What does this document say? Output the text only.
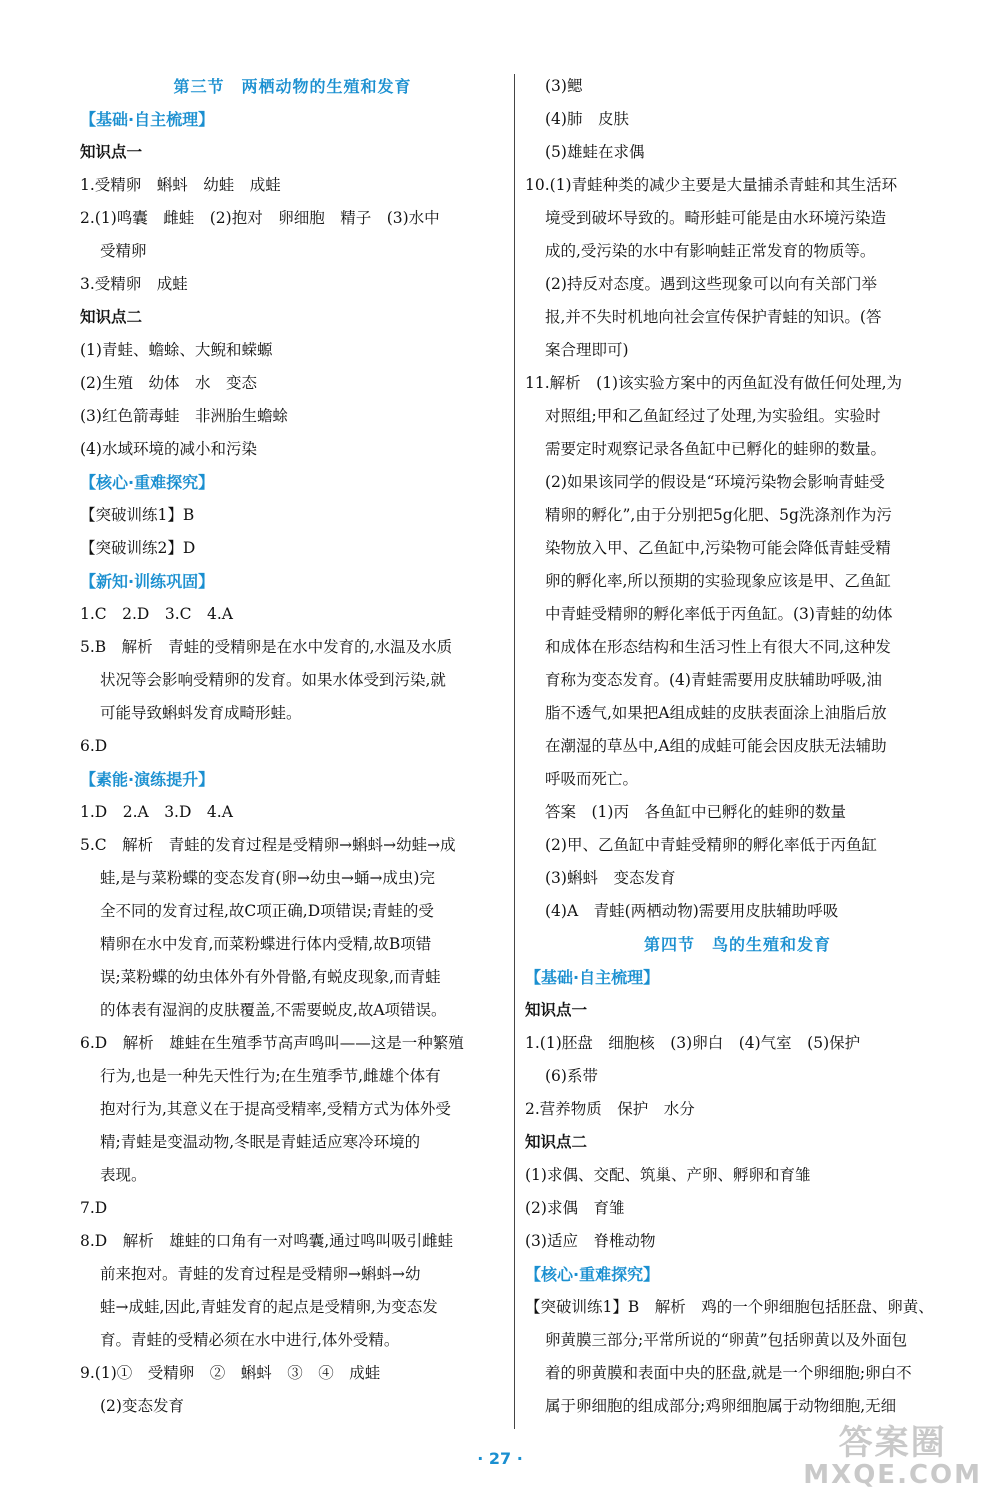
第三节　两栖动物的生殖和发育
【基础·自主梳理】
知识点一
1.受精卵　蝌蚪　幼蛙　成蛙
2.(1)鸣囊　雌蛙　(2)抱对　卵细胞　精子　(3)水中
受精卵
3.受精卵　成蛙
知识点二
(1)青蛙、蟾蜍、大鲵和蝾螈
(2)生殖　幼体　水　变态
(3)红色箭毒蛙　非洲胎生蟾蜍
(4)水域环境的减小和污染
【核心·重难探究】
【突破训练1】B
【突破训练2】D
【新知·训练巩固】
1.C　2.D　3.C　4.A
5.B　解析　青蛙的受精卵是在水中发育的,水温及水质
状况等会影响受精卵的发育。如果水体受到污染,就
可能导致蝌蚪发育成畸形蛙。
6.D
【素能·演练提升】
1.D　2.A　3.D　4.A
5.C　解析　青蛙的发育过程是受精卵→蝌蚪→幼蛙→成
蛙,是与菜粉蝶的变态发育(卵→幼虫→蛹→成虫)完
全不同的发育过程,故C项正确,D项错误;青蛙的受
精卵在水中发育,而菜粉蝶进行体内受精,故B项错
误;菜粉蝶的幼虫体外有外骨骼,有蜕皮现象,而青蛙
的体表有湿润的皮肤覆盖,不需要蜕皮,故A项错误。
6.D　解析　雄蛙在生殖季节高声鸣叫——这是一种繁殖
行为,也是一种先天性行为;在生殖季节,雌雄个体有
抱对行为,其意义在于提高受精率,受精方式为体外受
精;青蛙是变温动物,冬眠是青蛙适应寒冷环境的
表现。
7.D
8.D　解析　雄蛙的口角有一对鸣囊,通过鸣叫吸引雌蛙
前来抱对。青蛙的发育过程是受精卵→蝌蚪→幼
蛙→成蛙,因此,青蛙发育的起点是受精卵,为变态发
育。青蛙的受精必须在水中进行,体外受精。
9.(1)①　受精卵　②　蝌蚪　③　④　成蛙
(2)变态发育
(3)鳃
(4)肺　皮肤
(5)雄蛙在求偶
10.(1)青蛙种类的减少主要是大量捕杀青蛙和其生活环
境受到破坏导致的。畸形蛙可能是由水环境污染造
成的,受污染的水中有影响蛙正常发育的物质等。
(2)持反对态度。遇到这些现象可以向有关部门举
报,并不失时机地向社会宣传保护青蛙的知识。(答
案合理即可)
11.解析　(1)该实验方案中的丙鱼缸没有做任何处理,为
对照组;甲和乙鱼缸经过了处理,为实验组。实验时
需要定时观察记录各鱼缸中已孵化的蛙卵的数量。
(2)如果该同学的假设是“环境污染物会影响青蛙受
精卵的孵化”,由于分别把5g化肥、5g洗涤剂作为污
染物放入甲、乙鱼缸中,污染物可能会降低青蛙受精
卵的孵化率,所以预期的实验现象应该是甲、乙鱼缸
中青蛙受精卵的孵化率低于丙鱼缸。(3)青蛙的幼体
和成体在形态结构和生活习性上有很大不同,这种发
育称为变态发育。(4)青蛙需要用皮肤辅助呼吸,油
脂不透气,如果把A组成蛙的皮肤表面涂上油脂后放
在潮湿的草丛中,A组的成蛙可能会因皮肤无法辅助
呼吸而死亡。
答案　(1)丙　各鱼缸中已孵化的蛙卵的数量
(2)甲、乙鱼缸中青蛙受精卵的孵化率低于丙鱼缸
(3)蝌蚪　变态发育
(4)A　青蛙(两栖动物)需要用皮肤辅助呼吸
第四节　鸟的生殖和发育
【基础·自主梳理】
知识点一
1.(1)胚盘　细胞核　(3)卵白　(4)气室　(5)保护
(6)系带
2.营养物质　保护　水分
知识点二
(1)求偶、交配、筑巢、产卵、孵卵和育雏
(2)求偶　育雏
(3)适应　脊椎动物
【核心·重难探究】
【突破训练1】B　解析　鸡的一个卵细胞包括胚盘、卵黄、
卵黄膜三部分;平常所说的“卵黄”包括卵黄以及外面包
着的卵黄膜和表面中央的胚盘,就是一个卵细胞;卵白不
属于卵细胞的组成部分;鸡卵细胞属于动物细胞,无细
· 27 ·	答案圈
MXQE.COM
